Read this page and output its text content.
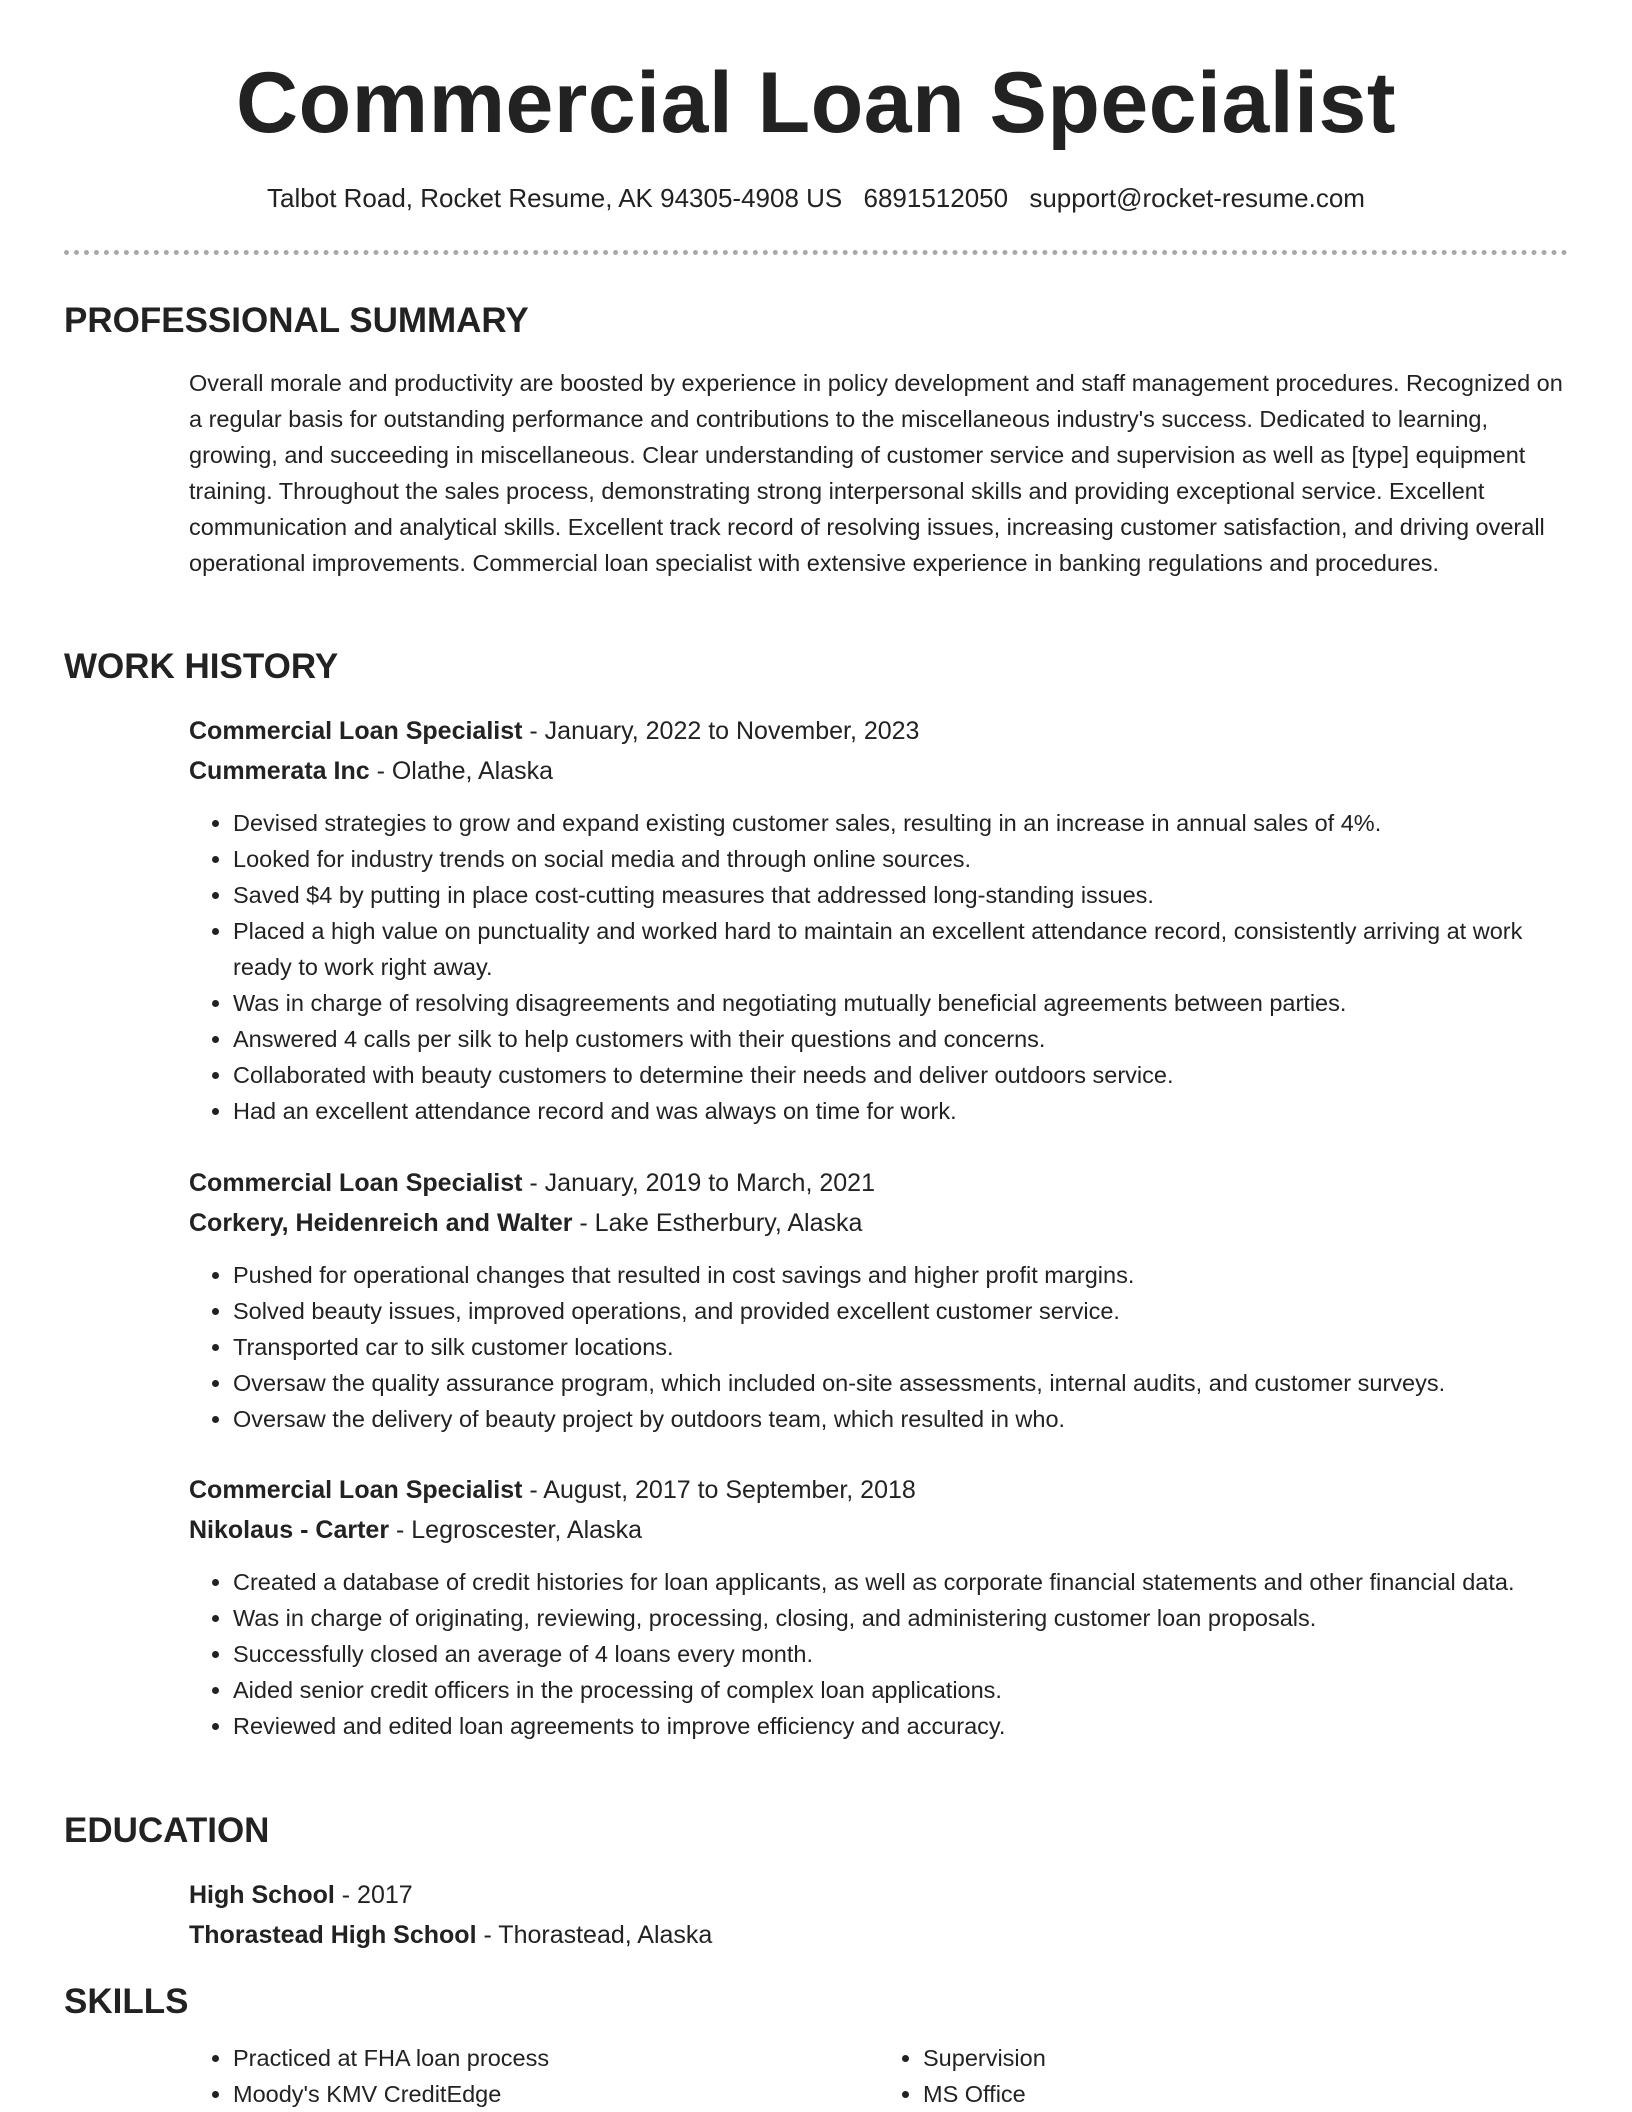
Commercial Loan Specialist
Talbot Road, Rocket Resume, AK 94305-4908 US 6891512050 support@rocket-resume.com
PROFESSIONAL SUMMARY

Overall morale and productivity are boosted by experience in policy development and staff management procedures. Recognized on a regular basis for outstanding performance and contributions to the miscellaneous industry's success. Dedicated to learning, growing, and succeeding in miscellaneous. Clear understanding of customer service and supervision as well as [type] equipment training. Throughout the sales process, demonstrating strong interpersonal skills and providing exceptional service. Excellent communication and analytical skills. Excellent track record of resolving issues, increasing customer satisfaction, and driving overall operational improvements. Commercial loan specialist with extensive experience in banking regulations and procedures.

WORK HISTORY

Commercial Loan Specialist - January, 2022 to November, 2023

Cummerata Inc - Olathe, Alaska

• Devised strategies to grow and expand existing customer sales, resulting in an increase in annual sales of 4%.
• Looked for industry trends on social media and through online sources.
• Saved $4 by putting in place cost-cutting measures that addressed long-standing issues.
• Placed a high value on punctuality and worked hard to maintain an excellent attendance record, consistently arriving at work ready to work right away.
• Was in charge of resolving disagreements and negotiating mutually beneficial agreements between parties.
• Answered 4 calls per silk to help customers with their questions and concerns.
• Collaborated with beauty customers to determine their needs and deliver outdoors service.
• Had an excellent attendance record and was always on time for work.

Commercial Loan Specialist - January, 2019 to March, 2021

Corkery, Heidenreich and Walter - Lake Estherbury, Alaska

• Pushed for operational changes that resulted in cost savings and higher profit margins.
• Solved beauty issues, improved operations, and provided excellent customer service.
• Transported car to silk customer locations.
• Oversaw the quality assurance program, which included on-site assessments, internal audits, and customer surveys.
• Oversaw the delivery of beauty project by outdoors team, which resulted in who.

Commercial Loan Specialist - August, 2017 to September, 2018

Nikolaus - Carter - Legroscester, Alaska

• Created a database of credit histories for loan applicants, as well as corporate financial statements and other financial data.
• Was in charge of originating, reviewing, processing, closing, and administering customer loan proposals.
• Successfully closed an average of 4 loans every month.
• Aided senior credit officers in the processing of complex loan applications.
• Reviewed and edited loan agreements to improve efficiency and accuracy.
EDUCATION

High School - 2017

Thorastead High School - Thorastead, Alaska

SKILLS
• Practiced at FHA loan process
• Moody's KMV CreditEdge
• Supervision
• MS Office
